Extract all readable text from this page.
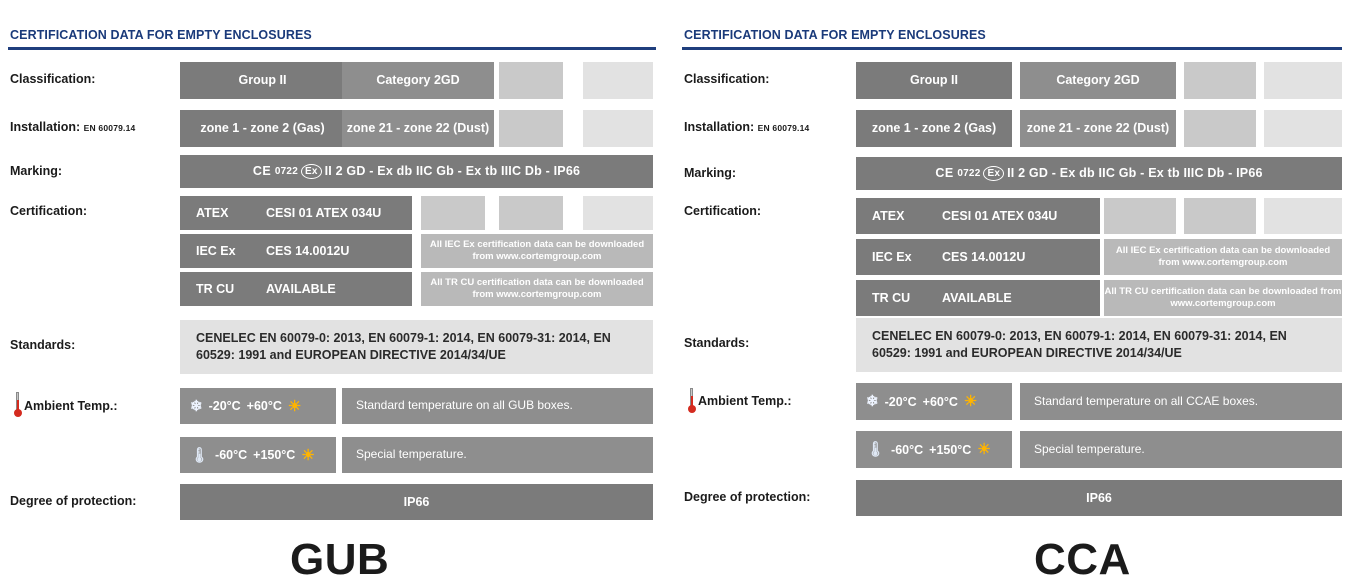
CERTIFICATION DATA FOR EMPTY ENCLOSURES
Classification:	Group II	Category 2GD
Installation: EN 60079.14	zone 1 - zone 2 (Gas)	zone 21 - zone 22 (Dust)
Marking:	CE
0722 Ex II 2 GD - Ex db IIC Gb - Ex tb IIIC Db - IP66
Certification:	ATEX	CESI 01 ATEX 034U
IEC Ex	CES 14.0012U	All IEC Ex certification data can be downloaded from www.cortemgroup.com
TR CU	AVAILABLE	All TR CU certification data can be downloaded from www.cortemgroup.com
Standards:	CENELEC EN 60079-0: 2013, EN 60079-1: 2014, EN 60079-31: 2014, EN 60529: 1991 and EUROPEAN DIRECTIVE 2014/34/UE
Ambient Temp.:	❄ -20°C +60°C ☀	Standard temperature on all GUB boxes.
🌡 -60°C +150°C ☀	Special temperature.
Degree of protection:	IP66
GUB
CERTIFICATION DATA FOR EMPTY ENCLOSURES
Classification:	Group II	Category 2GD
Installation: EN 60079.14	zone 1 - zone 2 (Gas)	zone 21 - zone 22 (Dust)
Marking:	CE
0722 Ex II 2 GD - Ex db IIC Gb - Ex tb IIIC Db - IP66
Certification:	ATEX	CESI 01 ATEX 034U
IEC Ex	CES 14.0012U	All IEC Ex certification data can be downloaded from www.cortemgroup.com
TR CU	AVAILABLE	All TR CU certification data can be downloaded from www.cortemgroup.com
Standards:	CENELEC EN 60079-0: 2013, EN 60079-1: 2014, EN 60079-31: 2014, EN 60529: 1991 and EUROPEAN DIRECTIVE 2014/34/UE
Ambient Temp.:	❄ -20°C +60°C ☀	Standard temperature on all CCAE boxes.
🌡 -60°C +150°C ☀	Special temperature.
Degree of protection:	IP66
CCA
